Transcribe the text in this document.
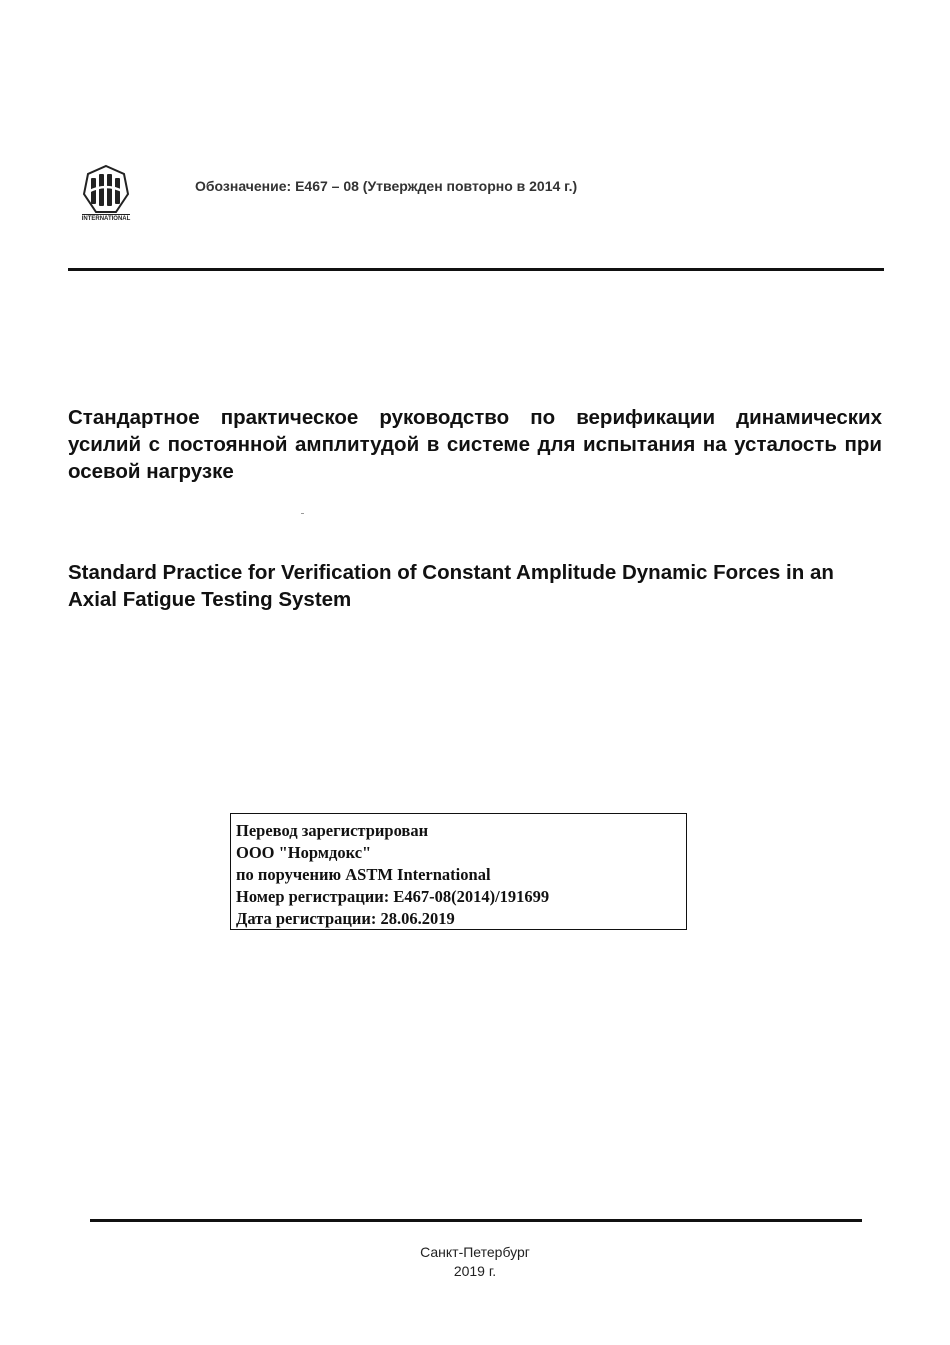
INTERNATIONAL
Обозначение: E467 – 08 (Утвержден повторно в 2014 г.)
Стандартное практическое руководство по верификации динамических усилий с постоянной амплитудой в системе для испытания на усталость при осевой нагрузке
Standard Practice for Verification of Constant Amplitude Dynamic Forces in an Axial Fatigue Testing System
Перевод зарегистрирован
ООО "Нормдокс"
по поручению ASTM International
Номер регистрации: E467-08(2014)/191699
Дата регистрации: 28.06.2019
Санкт-Петербург
2019 г.
